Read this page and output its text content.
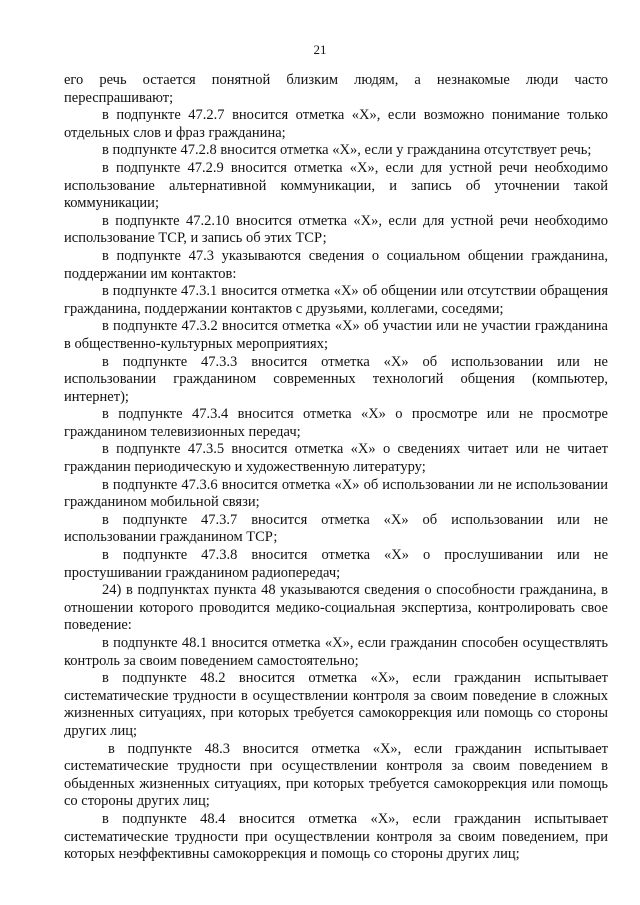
21

его речь остается понятной близким людям, а незнакомые люди часто переспрашивают;

в подпункте 47.2.7 вносится отметка «Х», если возможно понимание только отдельных слов и фраз гражданина;

в подпункте 47.2.8 вносится отметка «Х», если у гражданина отсутствует речь;

в подпункте 47.2.9 вносится отметка «Х», если для устной речи необходимо использование альтернативной коммуникации, и запись об уточнении такой коммуникации;

в подпункте 47.2.10 вносится отметка «Х», если для устной речи необходимо использование ТСР, и запись об этих ТСР;

в подпункте 47.3 указываются сведения о социальном общении гражданина, поддержании им контактов:

в подпункте 47.3.1 вносится отметка «Х» об общении или отсутствии обращения гражданина, поддержании контактов с друзьями, коллегами, соседями;

в подпункте 47.3.2 вносится отметка «Х» об участии или не участии гражданина в общественно-культурных мероприятиях;

в подпункте 47.3.3 вносится отметка «Х» об использовании или не использовании гражданином современных технологий общения (компьютер, интернет);

в подпункте 47.3.4 вносится отметка «Х» о просмотре или не просмотре гражданином телевизионных передач;

в подпункте 47.3.5 вносится отметка «Х» о сведениях читает или не читает гражданин периодическую и художественную литературу;

в подпункте 47.3.6 вносится отметка «Х» об использовании ли не использовании гражданином мобильной связи;

в подпункте 47.3.7 вносится отметка «Х» об использовании или не использовании гражданином ТСР;

в подпункте 47.3.8 вносится отметка «Х» о прослушивании или не простушивании гражданином радиопередач;

24) в подпунктах пункта 48 указываются сведения о способности гражданина, в отношении которого проводится медико-социальная экспертиза, контролировать свое поведение:

в подпункте 48.1 вносится отметка «Х», если гражданин способен осуществлять контроль за своим поведением самостоятельно;

в подпункте 48.2 вносится отметка «Х», если гражданин испытывает систематические трудности в осуществлении контроля за своим поведение в сложных жизненных ситуациях, при которых требуется самокоррекция или помощь со стороны других лиц;

в подпункте 48.3 вносится отметка «Х», если гражданин испытывает систематические трудности при осуществлении контроля за своим поведением в обыденных жизненных ситуациях, при которых требуется самокоррекция или помощь со стороны других лиц;

в подпункте 48.4 вносится отметка «Х», если гражданин испытывает систематические трудности при осуществлении контроля за своим поведением, при которых неэффективны самокоррекция и помощь со стороны других лиц;
